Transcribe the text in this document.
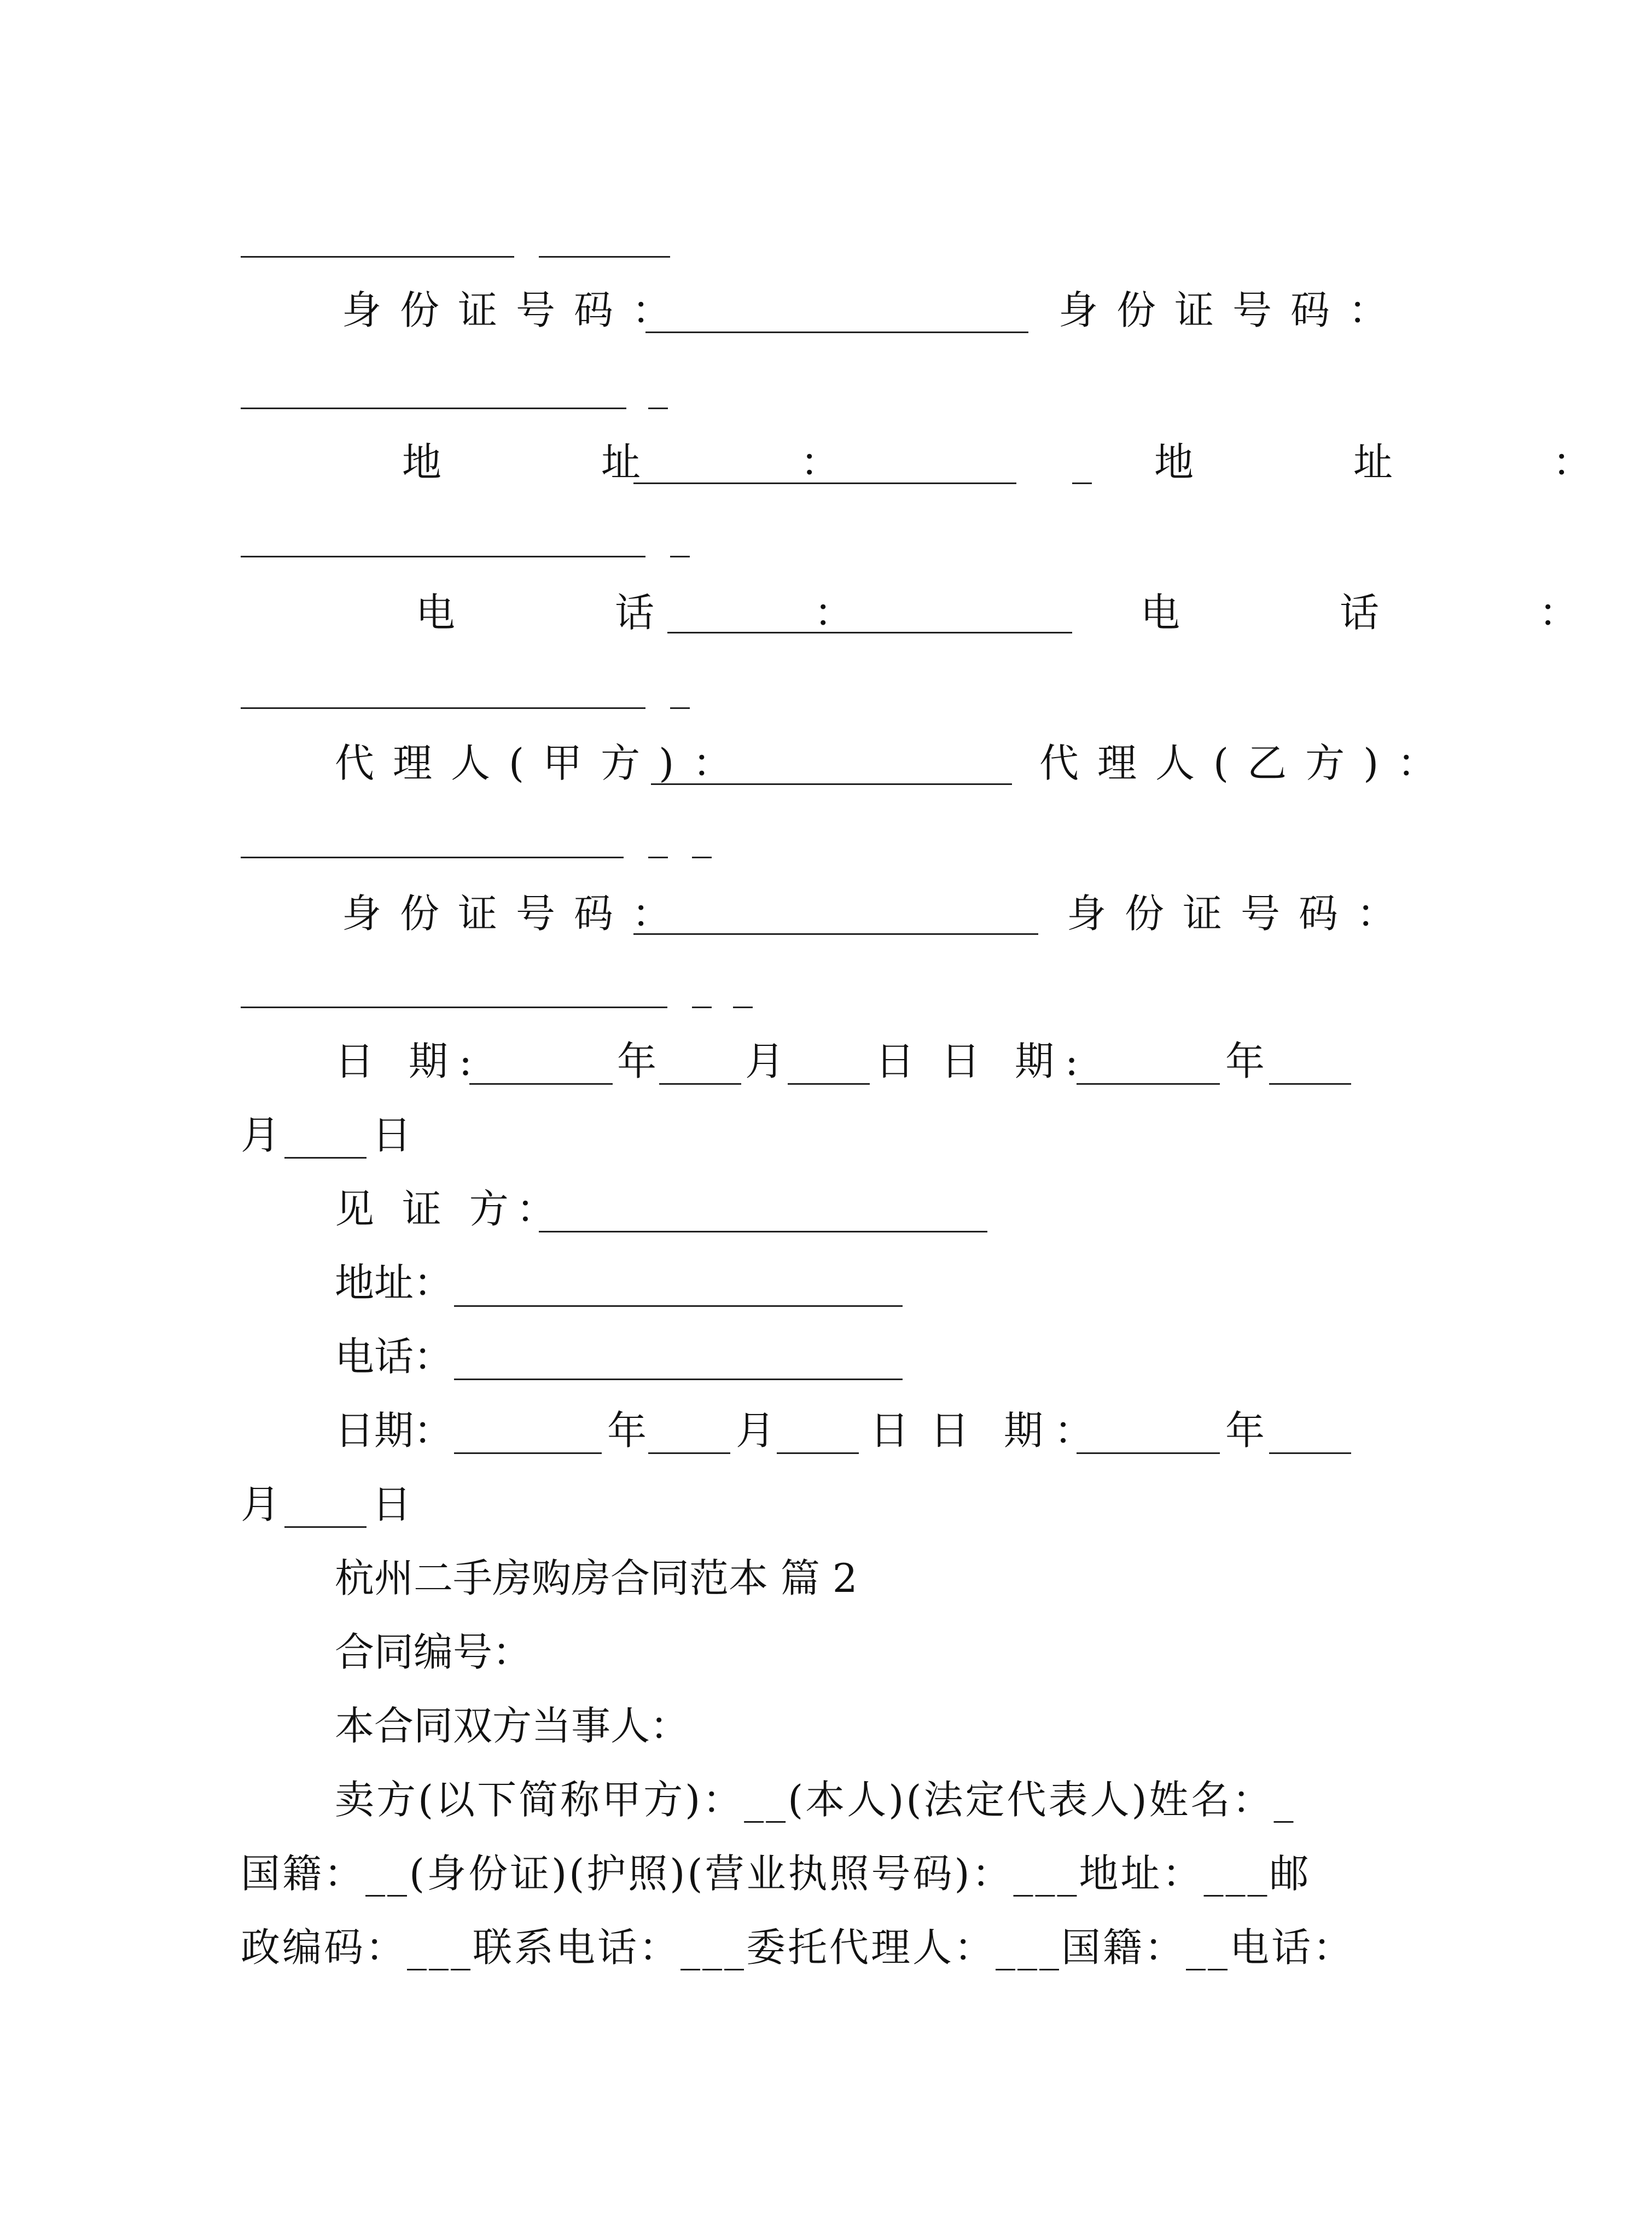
身份证号码：	身份证号码：
地　址　：	地　址　：
电　话　：	电　话　：
代理人(甲方)：	代理人(乙方)：
身份证号码：	身份证号码：
日 期:	年 月 日 日 期:	年
月 日
见 证 方：
地址：
电话：
日期：	年 月 日 日 期：	年
月 日
杭州二手房购房合同范本 篇 2
合同编号：
本合同双方当事人：
卖方(以下简称甲方)：__(本人)(法定代表人)姓名：_
国籍：__(身份证)(护照)(营业执照号码)：___地址：___邮
政编码：___联系电话：___委托代理人：___国籍：__电话：
